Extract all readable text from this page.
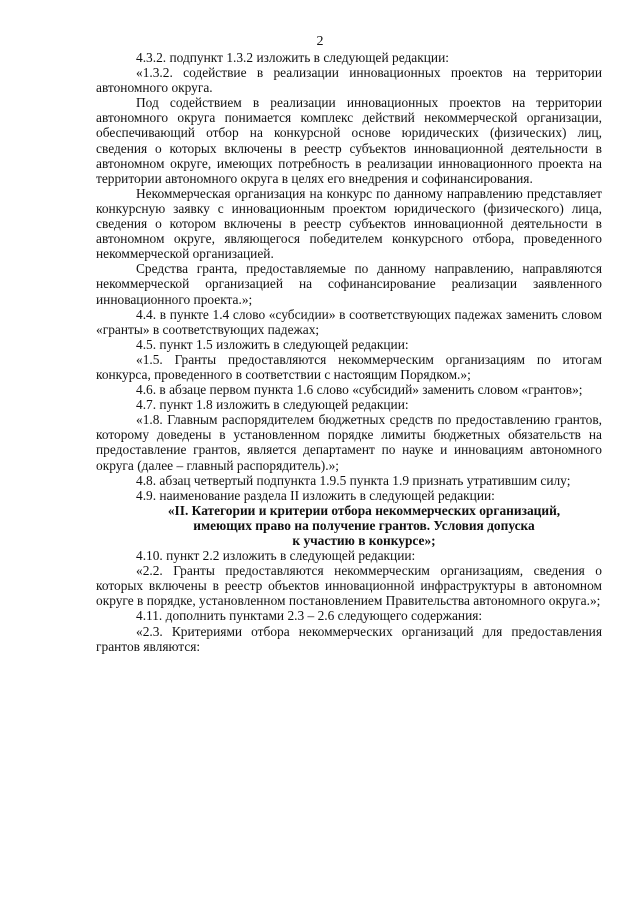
2

4.3.2. подпункт 1.3.2 изложить в следующей редакции:

«1.3.2. содействие в реализации инновационных проектов на территории автономного округа.

Под содействием в реализации инновационных проектов на территории автономного округа понимается комплекс действий некоммерческой организации, обеспечивающий отбор на конкурсной основе юридических (физических) лиц, сведения о которых включены в реестр субъектов инновационной деятельности в автономном округе, имеющих потребность в реализации инновационного проекта на территории автономного округа в целях его внедрения и софинансирования.

Некоммерческая организация на конкурс по данному направлению представляет конкурсную заявку с инновационным проектом юридического (физического) лица, сведения о котором включены в реестр субъектов инновационной деятельности в автономном округе, являющегося победителем конкурсного отбора, проведенного некоммерческой организацией.

Средства гранта, предоставляемые по данному направлению, направляются некоммерческой организацией на софинансирование реализации заявленного инновационного проекта.»;

4.4. в пункте 1.4 слово «субсидии» в соответствующих падежах заменить словом «гранты» в соответствующих падежах;

4.5. пункт 1.5 изложить в следующей редакции:

«1.5. Гранты предоставляются некоммерческим организациям по итогам конкурса, проведенного в соответствии с настоящим Порядком.»;

4.6. в абзаце первом пункта 1.6 слово «субсидий» заменить словом «грантов»;

4.7. пункт 1.8 изложить в следующей редакции:

«1.8. Главным распорядителем бюджетных средств по предоставлению грантов, которому доведены в установленном порядке лимиты бюджетных обязательств на предоставление грантов, является департамент по науке и инновациям автономного округа (далее – главный распорядитель).»;

4.8. абзац четвертый подпункта 1.9.5 пункта 1.9 признать утратившим силу;

4.9. наименование раздела II изложить в следующей редакции:

«II. Категории и критерии отбора некоммерческих организаций,
имеющих право на получение грантов. Условия допуска
к участию в конкурсе»;

4.10. пункт 2.2 изложить в следующей редакции:

«2.2. Гранты предоставляются некоммерческим организациям, сведения о которых включены в реестр объектов инновационной инфраструктуры в автономном округе в порядке, установленном постановлением Правительства автономного округа.»;

4.11. дополнить пунктами 2.3 – 2.6 следующего содержания:

«2.3. Критериями отбора некоммерческих организаций для предоставления грантов являются:
